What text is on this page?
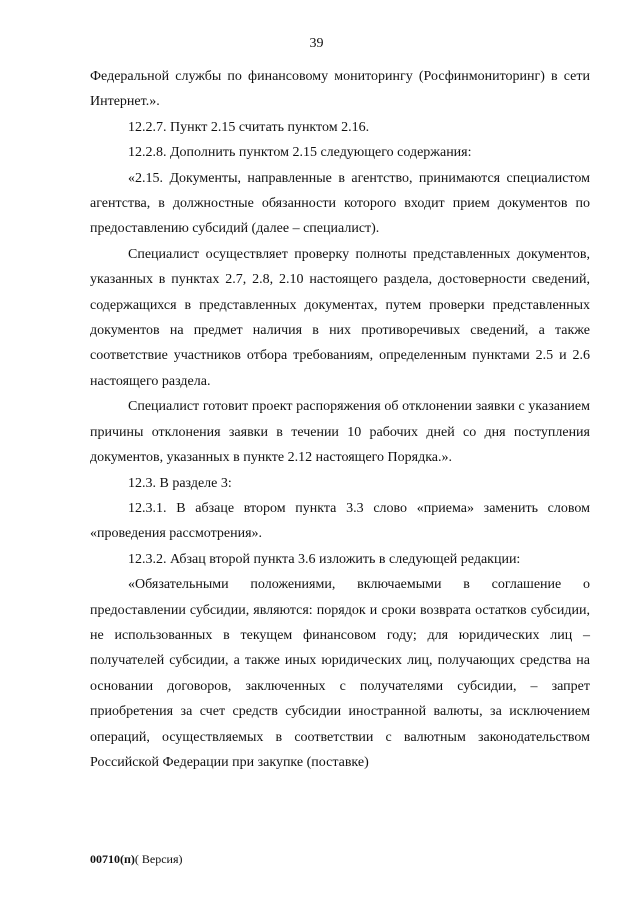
39

Федеральной службы по финансовому мониторингу (Росфинмониторинг) в сети Интернет.».

12.2.7. Пункт 2.15 считать пунктом 2.16.

12.2.8. Дополнить пунктом 2.15 следующего содержания:

«2.15. Документы, направленные в агентство, принимаются специалистом агентства, в должностные обязанности которого входит прием документов по предоставлению субсидий (далее – специалист).

Специалист осуществляет проверку полноты представленных документов, указанных в пунктах 2.7, 2.8, 2.10 настоящего раздела, достоверности сведений, содержащихся в представленных документах, путем проверки представленных документов на предмет наличия в них противоречивых сведений, а также соответствие участников отбора требованиям, определенным пунктами 2.5 и 2.6 настоящего раздела.

Специалист готовит проект распоряжения об отклонении заявки с указанием причины отклонения заявки в течении 10 рабочих дней со дня поступления документов, указанных в пункте 2.12 настоящего Порядка.».

12.3. В разделе 3:

12.3.1. В абзаце втором пункта 3.3 слово «приема» заменить словом «проведения рассмотрения».

12.3.2. Абзац второй пункта 3.6 изложить в следующей редакции:

«Обязательными положениями, включаемыми в соглашение о предоставлении субсидии, являются: порядок и сроки возврата остатков субсидии, не использованных в текущем финансовом году; для юридических лиц – получателей субсидии, а также иных юридических лиц, получающих средства на основании договоров, заключенных с получателями субсидии, – запрет приобретения за счет средств субсидии иностранной валюты, за исключением операций, осуществляемых в соответствии с валютным законодательством Российской Федерации при закупке (поставке)

00710(п)( Версия)
